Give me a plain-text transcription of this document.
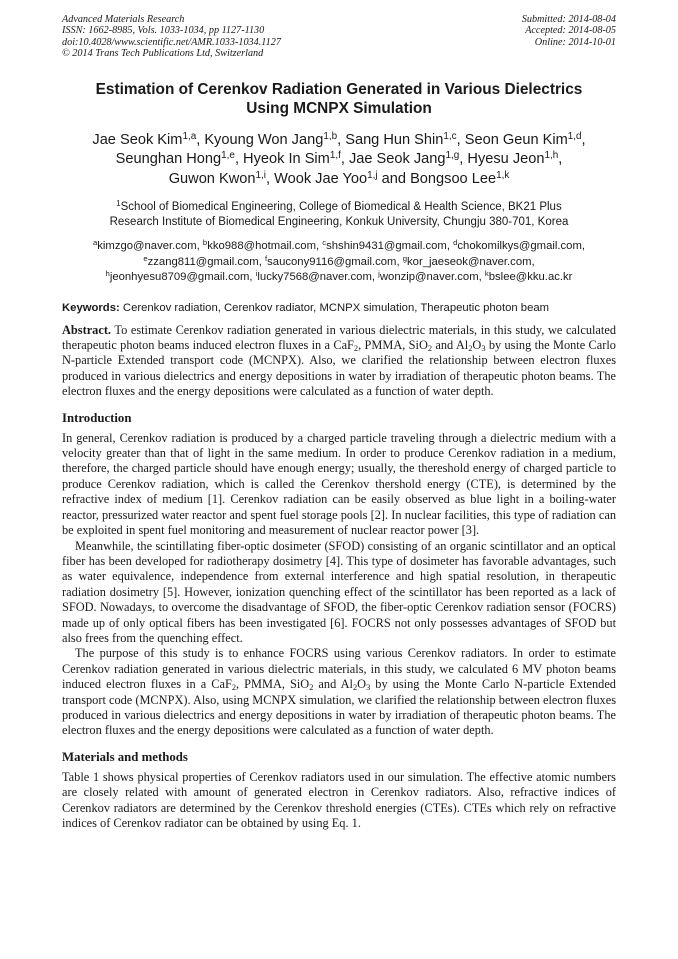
Advanced Materials Research
ISSN: 1662-8985, Vols. 1033-1034, pp 1127-1130
doi:10.4028/www.scientific.net/AMR.1033-1034.1127
© 2014 Trans Tech Publications Ltd, Switzerland
Submitted: 2014-08-04
Accepted: 2014-08-05
Online: 2014-10-01
Estimation of Cerenkov Radiation Generated in Various Dielectrics
Using MCNPX Simulation
Jae Seok Kim$^{1,a}$, Kyoung Won Jang$^{1,b}$, Sang Hun Shin$^{1,c}$, Seon Geun Kim$^{1,d}$,
Seunghan Hong$^{1,e}$, Hyeok In Sim$^{1,f}$, Jae Seok Jang$^{1,g}$, Hyesu Jeon$^{1,h}$,
Guwon Kwon$^{1,i}$, Wook Jae Yoo$^{1,j}$ and Bongsoo Lee$^{1,k}$
$^1$School of Biomedical Engineering, College of Biomedical & Health Science, BK21 Plus
Research Institute of Biomedical Engineering, Konkuk University, Chungju 380-701, Korea
$^a$kimzgo@naver.com, $^b$kko988@hotmail.com, $^c$shshin9431@gmail.com, $^d$chokomilkys@gmail.com,
$^e$zzang811@gmail.com, $^f$saucony9116@gmail.com, $^g$kor_jaeseok@naver.com,
$^h$jeonhyesu8709@gmail.com, $^i$lucky7568@naver.com, $^j$wonzip@naver.com, $^k$bslee@kku.ac.kr
Keywords: Cerenkov radiation, Cerenkov radiator, MCNPX simulation, Therapeutic photon beam

Abstract. To estimate Cerenkov radiation generated in various dielectric materials, in this study, we calculated therapeutic photon beams induced electron fluxes in a CaF$_2$, PMMA, SiO$_2$ and $Al_2O_3$ by using the Monte Carlo N-particle Extended transport code (MCNPX). Also, we clarified the relationship between electron fluxes produced in various dielectrics and energy depositions in water by irradiation of therapeutic photon beams. The electron fluxes and the energy depositions were calculated as a function of water depth.

Introduction

In general, Cerenkov radiation is produced by a charged particle traveling through a dielectric medium with a velocity greater than that of light in the same medium. In order to produce Cerenkov radiation in a medium, therefore, the charged particle should have enough energy; usually, the thereshold energy of charged particle to produce Cerenkov radiation, which is called the Cerenkov thershold energy (CTE), is determined by the refractive index of medium [1]. Cerenkov radiation can be easily observed as blue light in a boiling-water reactor, pressurized water reactor and spent fuel storage pools [2]. In nuclear facilities, this type of radiation can be exploited in spent fuel monitoring and measurement of nuclear reactor power [3].

Meanwhile, the scintillating fiber-optic dosimeter (SFOD) consisting of an organic scintillator and an optical fiber has been developed for radiotherapy dosimetry [4]. This type of dosimeter has favorable advantages, such as water equivalence, independence from external interference and high spatial resolution, in therapeutic radiation dosimetry [5]. However, ionization quenching effect of the scintillator has been reported as a lack of SFOD. Nowadays, to overcome the disadvantage of SFOD, the fiber-optic Cerenkov radiation sensor (FOCRS) made up of only optical fibers has been investigated [6]. FOCRS not only possesses advantages of SFOD but also frees from the quenching effect.

The purpose of this study is to enhance FOCRS using various Cerenkov radiators. In order to estimate Cerenkov radiation generated in various dielectric materials, in this study, we calculated 6 MV photon beams induced electron fluxes in a CaF$_2$, PMMA, SiO$_2$ and $Al_2O_3$ by using the Monte Carlo N-particle Extended transport code (MCNPX). Also, using MCNPX simulation, we clarified the relationship between electron fluxes produced in various dielectrics and energy depositions in water by irradiation of therapeutic photon beams. The electron fluxes and the energy depositions were calculated as a function of water depth.

Materials and methods

Table 1 shows physical properties of Cerenkov radiators used in our simulation. The effective atomic numbers are closely related with amount of generated electron in Cerenkov radiators. Also, refractive indices of Cerenkov radiators are determined by the Cerenkov threshold energies (CTEs). CTEs which rely on refractive indices of Cerenkov radiator can be obtained by using Eq. 1.
